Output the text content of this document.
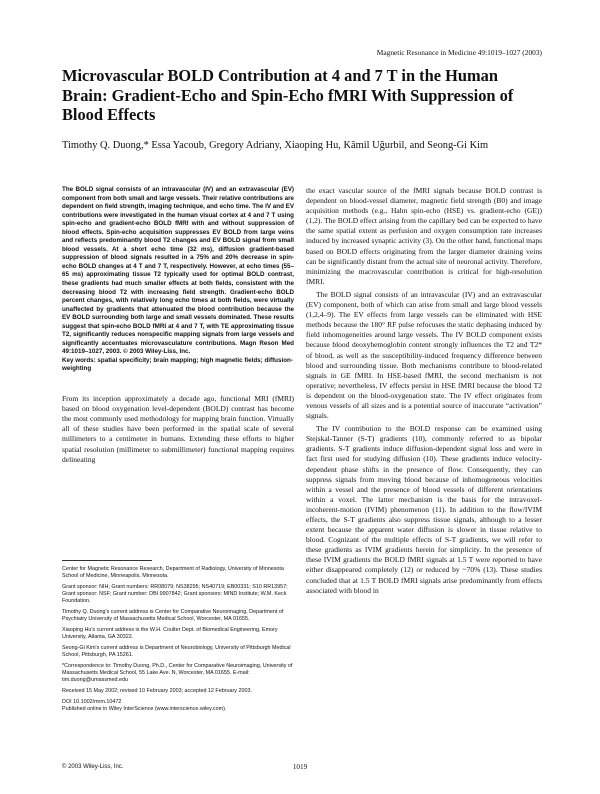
Magnetic Resonance in Medicine 49:1019–1027 (2003)
Microvascular BOLD Contribution at 4 and 7 T in the Human Brain: Gradient-Echo and Spin-Echo fMRI With Suppression of Blood Effects
Timothy Q. Duong,* Essa Yacoub, Gregory Adriany, Xiaoping Hu, Kâmil Uğurbil, and Seong-Gi Kim

The BOLD signal consists of an intravascular (IV) and an extravascular (EV) component from both small and large vessels. Their relative contributions are dependent on field strength, imaging technique, and echo time. The IV and EV contributions were investigated in the human visual cortex at 4 and 7 T using spin-echo and gradient-echo BOLD fMRI with and without suppression of blood effects. Spin-echo acquisition suppresses EV BOLD from large veins and reflects predominantly blood T2 changes and EV BOLD signal from small blood vessels. At a short echo time (32 ms), diffusion gradient-based suppression of blood signals resulted in a 75% and 20% decrease in spin-echo BOLD changes at 4 T and 7 T, respectively. However, at echo times (55–65 ms) approximating tissue T2 typically used for optimal BOLD contrast, these gradients had much smaller effects at both fields, consistent with the decreasing blood T2 with increasing field strength. Gradient-echo BOLD percent changes, with relatively long echo times at both fields, were virtually unaffected by gradients that attenuated the blood contribution because the EV BOLD surrounding both large and small vessels dominated. These results suggest that spin-echo BOLD fMRI at 4 and 7 T, with TE approximating tissue T2, significantly reduces nonspecific mapping signals from large vessels and significantly accentuates microvasculature contributions. Magn Reson Med 49:1019–1027, 2003. © 2003 Wiley-Liss, Inc.

Key words: spatial specificity; brain mapping; high magnetic fields; diffusion-weighting

From its inception approximately a decade ago, functional MRI (fMRI) based on blood oxygenation level-dependent (BOLD) contrast has become the most commonly used methodology for mapping brain function. Virtually all of these studies have been performed in the spatial scale of several millimeters to a centimeter in humans. Extending these efforts to higher spatial resolution (millimeter to submillimeter) functional mapping requires delineating

Center for Magnetic Resonance Research, Department of Radiology, University of Minnesota School of Medicine, Minneapolis, Minnesota.

Grant sponsor: NIH; Grant numbers: RR08079; NS38295; NS40719; EB00331; S10 RR13957; Grant sponsor: NSF; Grant number: DBI 9907842; Grant sponsors: MIND Institute; W.M. Keck Foundation.

Timothy Q. Duong's current address is Center for Comparative Neuroimaging, Department of Psychiatry University of Massachusetts Medical School, Worcester, MA 01655.

Xiaoping Hu's current address is the W.H. Coulter Dept. of Biomedical Engineering, Emory University, Atlanta, GA 30322.

Seong-Gi Kim's current address is Department of Neurobiology, University of Pittsburgh Medical School, Pittsburgh, PA 15261.

*Correspondence to: Timothy Duong, Ph.D., Center for Comparative Neuroimaging, University of Massachusetts Medical School, 55 Lake Ave. N, Worcester, MA 01655. E-mail: tim.duong@umassmed.edu

Received 15 May 2002; revised 10 February 2003; accepted 12 February 2003.

DOI 10.1002/mrm.10472
Published online in Wiley InterScience (www.interscience.wiley.com).

the exact vascular source of the fMRI signals because BOLD contrast is dependent on blood-vessel diameter, magnetic field strength (B0) and image acquisition methods (e.g., Hahn spin-echo (HSE) vs. gradient-echo (GE)) (1,2). The BOLD effect arising from the capillary bed can be expected to have the same spatial extent as perfusion and oxygen consumption rate increases induced by increased synaptic activity (3). On the other hand, functional maps based on BOLD effects originating from the larger diameter draining veins can be significantly distant from the actual site of neuronal activity. Therefore, minimizing the macrovascular contribution is critical for high-resolution fMRI.

The BOLD signal consists of an intravascular (IV) and an extravascular (EV) component, both of which can arise from small and large blood vessels (1,2,4–9). The EV effects from large vessels can be eliminated with HSE methods because the 180° RF pulse refocuses the static dephasing induced by field inhomogeneities around large vessels. The IV BOLD component exists because blood deoxyhemoglobin content strongly influences the T2 and T2* of blood, as well as the susceptibility-induced frequency difference between blood and surrounding tissue. Both mechanisms contribute to blood-related signals in GE fMRI. In HSE-based fMRI, the second mechanism is not operative; nevertheless, IV effects persist in HSE fMRI because the blood T2 is dependent on the blood-oxygenation state. The IV effect originates from venous vessels of all sizes and is a potential source of inaccurate “activation” signals.

The IV contribution to the BOLD response can be examined using Stejskal-Tanner (S-T) gradients (10), commonly referred to as bipolar gradients. S-T gradients induce diffusion-dependent signal loss and were in fact first used for studying diffusion (10). These gradients induce velocity-dependent phase shifts in the presence of flow. Consequently, they can suppress signals from moving blood because of inhomogeneous velocities within a vessel and the presence of blood vessels of different orientations within a voxel. The latter mechanism is the basis for the intravoxel-incoherent-motion (IVIM) phenomenon (11). In addition to the flow/IVIM effects, the S-T gradients also suppress tissue signals, although to a lesser extent because the apparent water diffusion is slower in tissue relative to blood. Cognizant of the multiple effects of S-T gradients, we will refer to these gradients as IVIM gradients herein for simplicity. In the presence of these IVIM gradients the BOLD fMRI signals at 1.5 T were reported to have either disappeared completely (12) or reduced by ~70% (13). These studies concluded that at 1.5 T BOLD fMRI signals arise predominantly from effects associated with blood in

© 2003 Wiley-Liss, Inc.	1019
